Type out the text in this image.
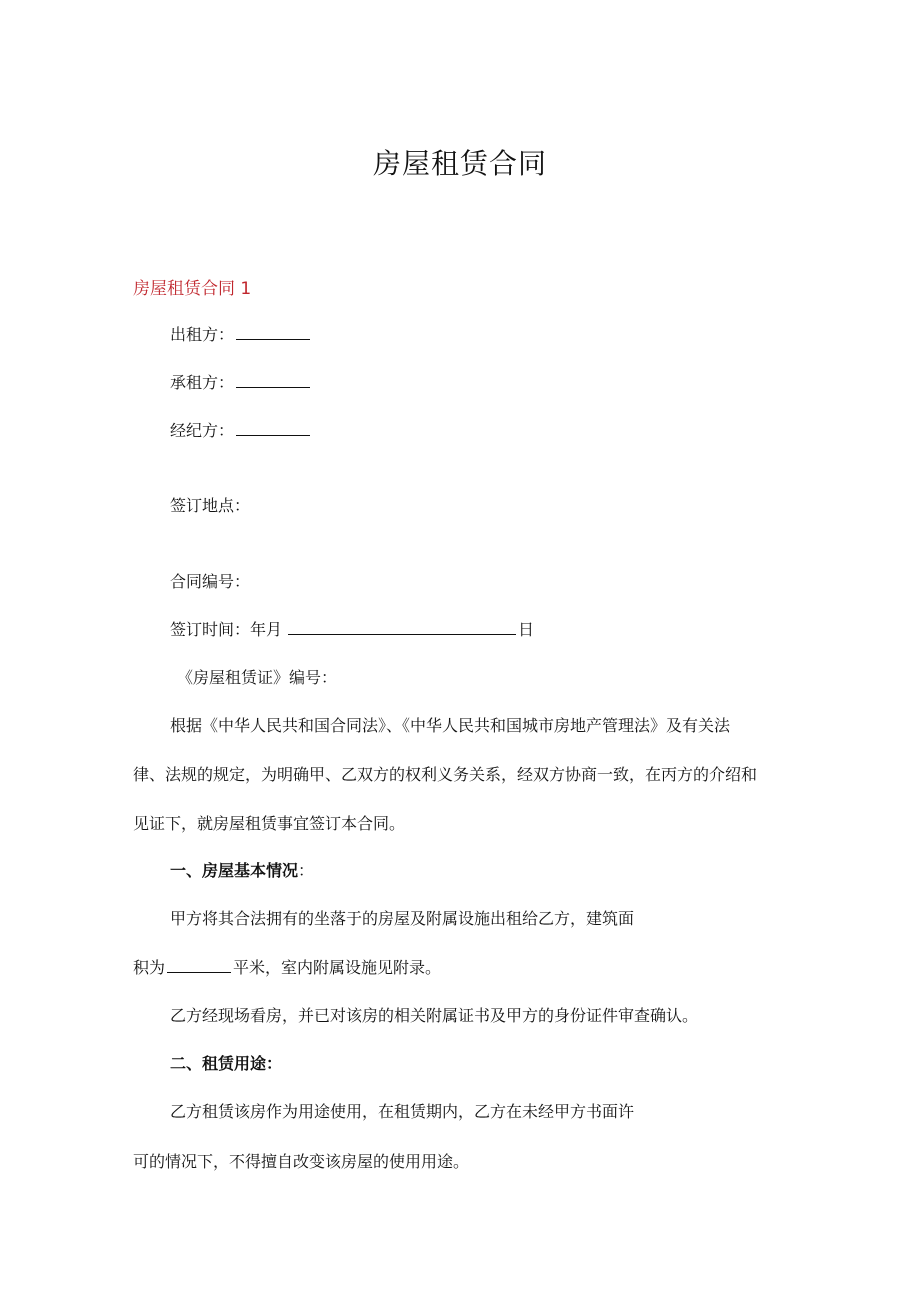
房屋租赁合同
房屋租赁合同 1
出租方：
承租方：
经纪方：
签订地点：
合同编号：
签订时间：年月	日
《房屋租赁证》编号：
根据《中华人民共和国合同法》、《中华人民共和国城市房地产管理法》及有关法
律、法规的规定，为明确甲、乙双方的权利义务关系，经双方协商一致，在丙方的介绍和
见证下，就房屋租赁事宜签订本合同。
一、房屋基本情况：
甲方将其合法拥有的坐落于的房屋及附属设施出租给乙方，建筑面
积为	平米，室内附属设施见附录。
乙方经现场看房，并已对该房的相关附属证书及甲方的身份证件审查确认。
二、租赁用途：
乙方租赁该房作为用途使用，在租赁期内，乙方在未经甲方书面许
可的情况下，不得擅自改变该房屋的使用用途。
